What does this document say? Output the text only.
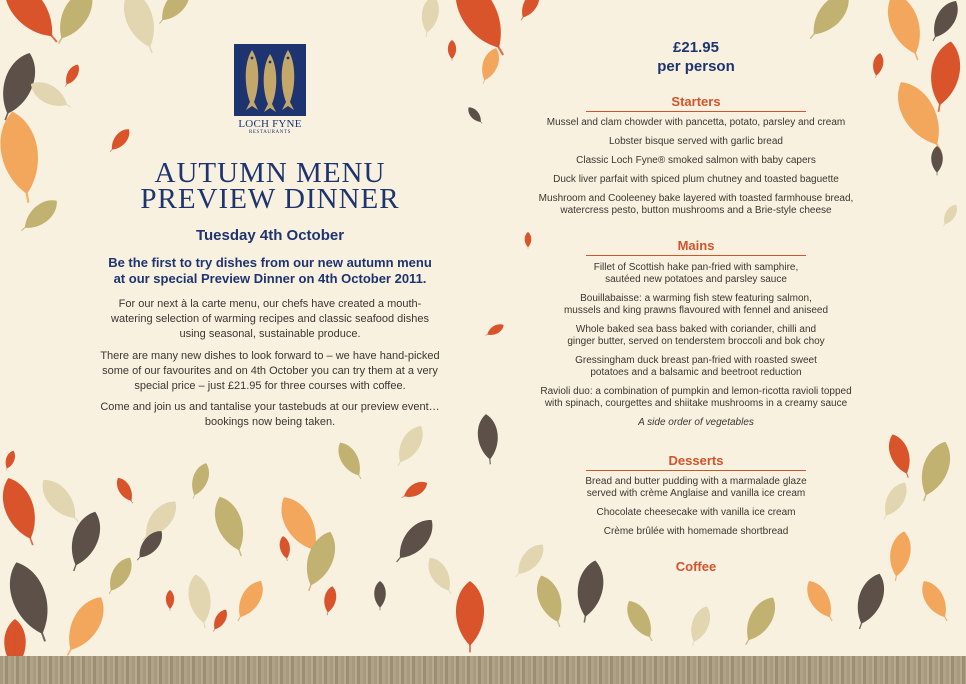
LOCH FYNE
RESTAURANTS
AUTUMN MENU
PREVIEW DINNER
Tuesday 4th October
Be the first to try dishes from our new autumn menu
at our special Preview Dinner on 4th October 2011.
For our next à la carte menu, our chefs have created a mouth-
watering selection of warming recipes and classic seafood dishes
using seasonal, sustainable produce.
There are many new dishes to look forward to – we have hand-picked
some of our favourites and on 4th October you can try them at a very
special price – just £21.95 for three courses with coffee.
Come and join us and tantalise your tastebuds at our preview event…
bookings now being taken.
£21.95
per person
Starters
Mussel and clam chowder with pancetta, potato, parsley and cream
Lobster bisque served with garlic bread
Classic Loch Fyne® smoked salmon with baby capers
Duck liver parfait with spiced plum chutney and toasted baguette
Mushroom and Cooleeney bake layered with toasted farmhouse bread,
watercress pesto, button mushrooms and a Brie-style cheese
Mains
Fillet of Scottish hake pan-fried with samphire,
sautéed new potatoes and parsley sauce
Bouillabaisse: a warming fish stew featuring salmon,
mussels and king prawns flavoured with fennel and aniseed
Whole baked sea bass baked with coriander, chilli and
ginger butter, served on tenderstem broccoli and bok choy
Gressingham duck breast pan-fried with roasted sweet
potatoes and a balsamic and beetroot reduction
Ravioli duo: a combination of pumpkin and lemon-ricotta ravioli topped
with spinach, courgettes and shiitake mushrooms in a creamy sauce
A side order of vegetables
Desserts
Bread and butter pudding with a marmalade glaze
served with crème Anglaise and vanilla ice cream
Chocolate cheesecake with vanilla ice cream
Crème brûlée with homemade shortbread
Coffee
